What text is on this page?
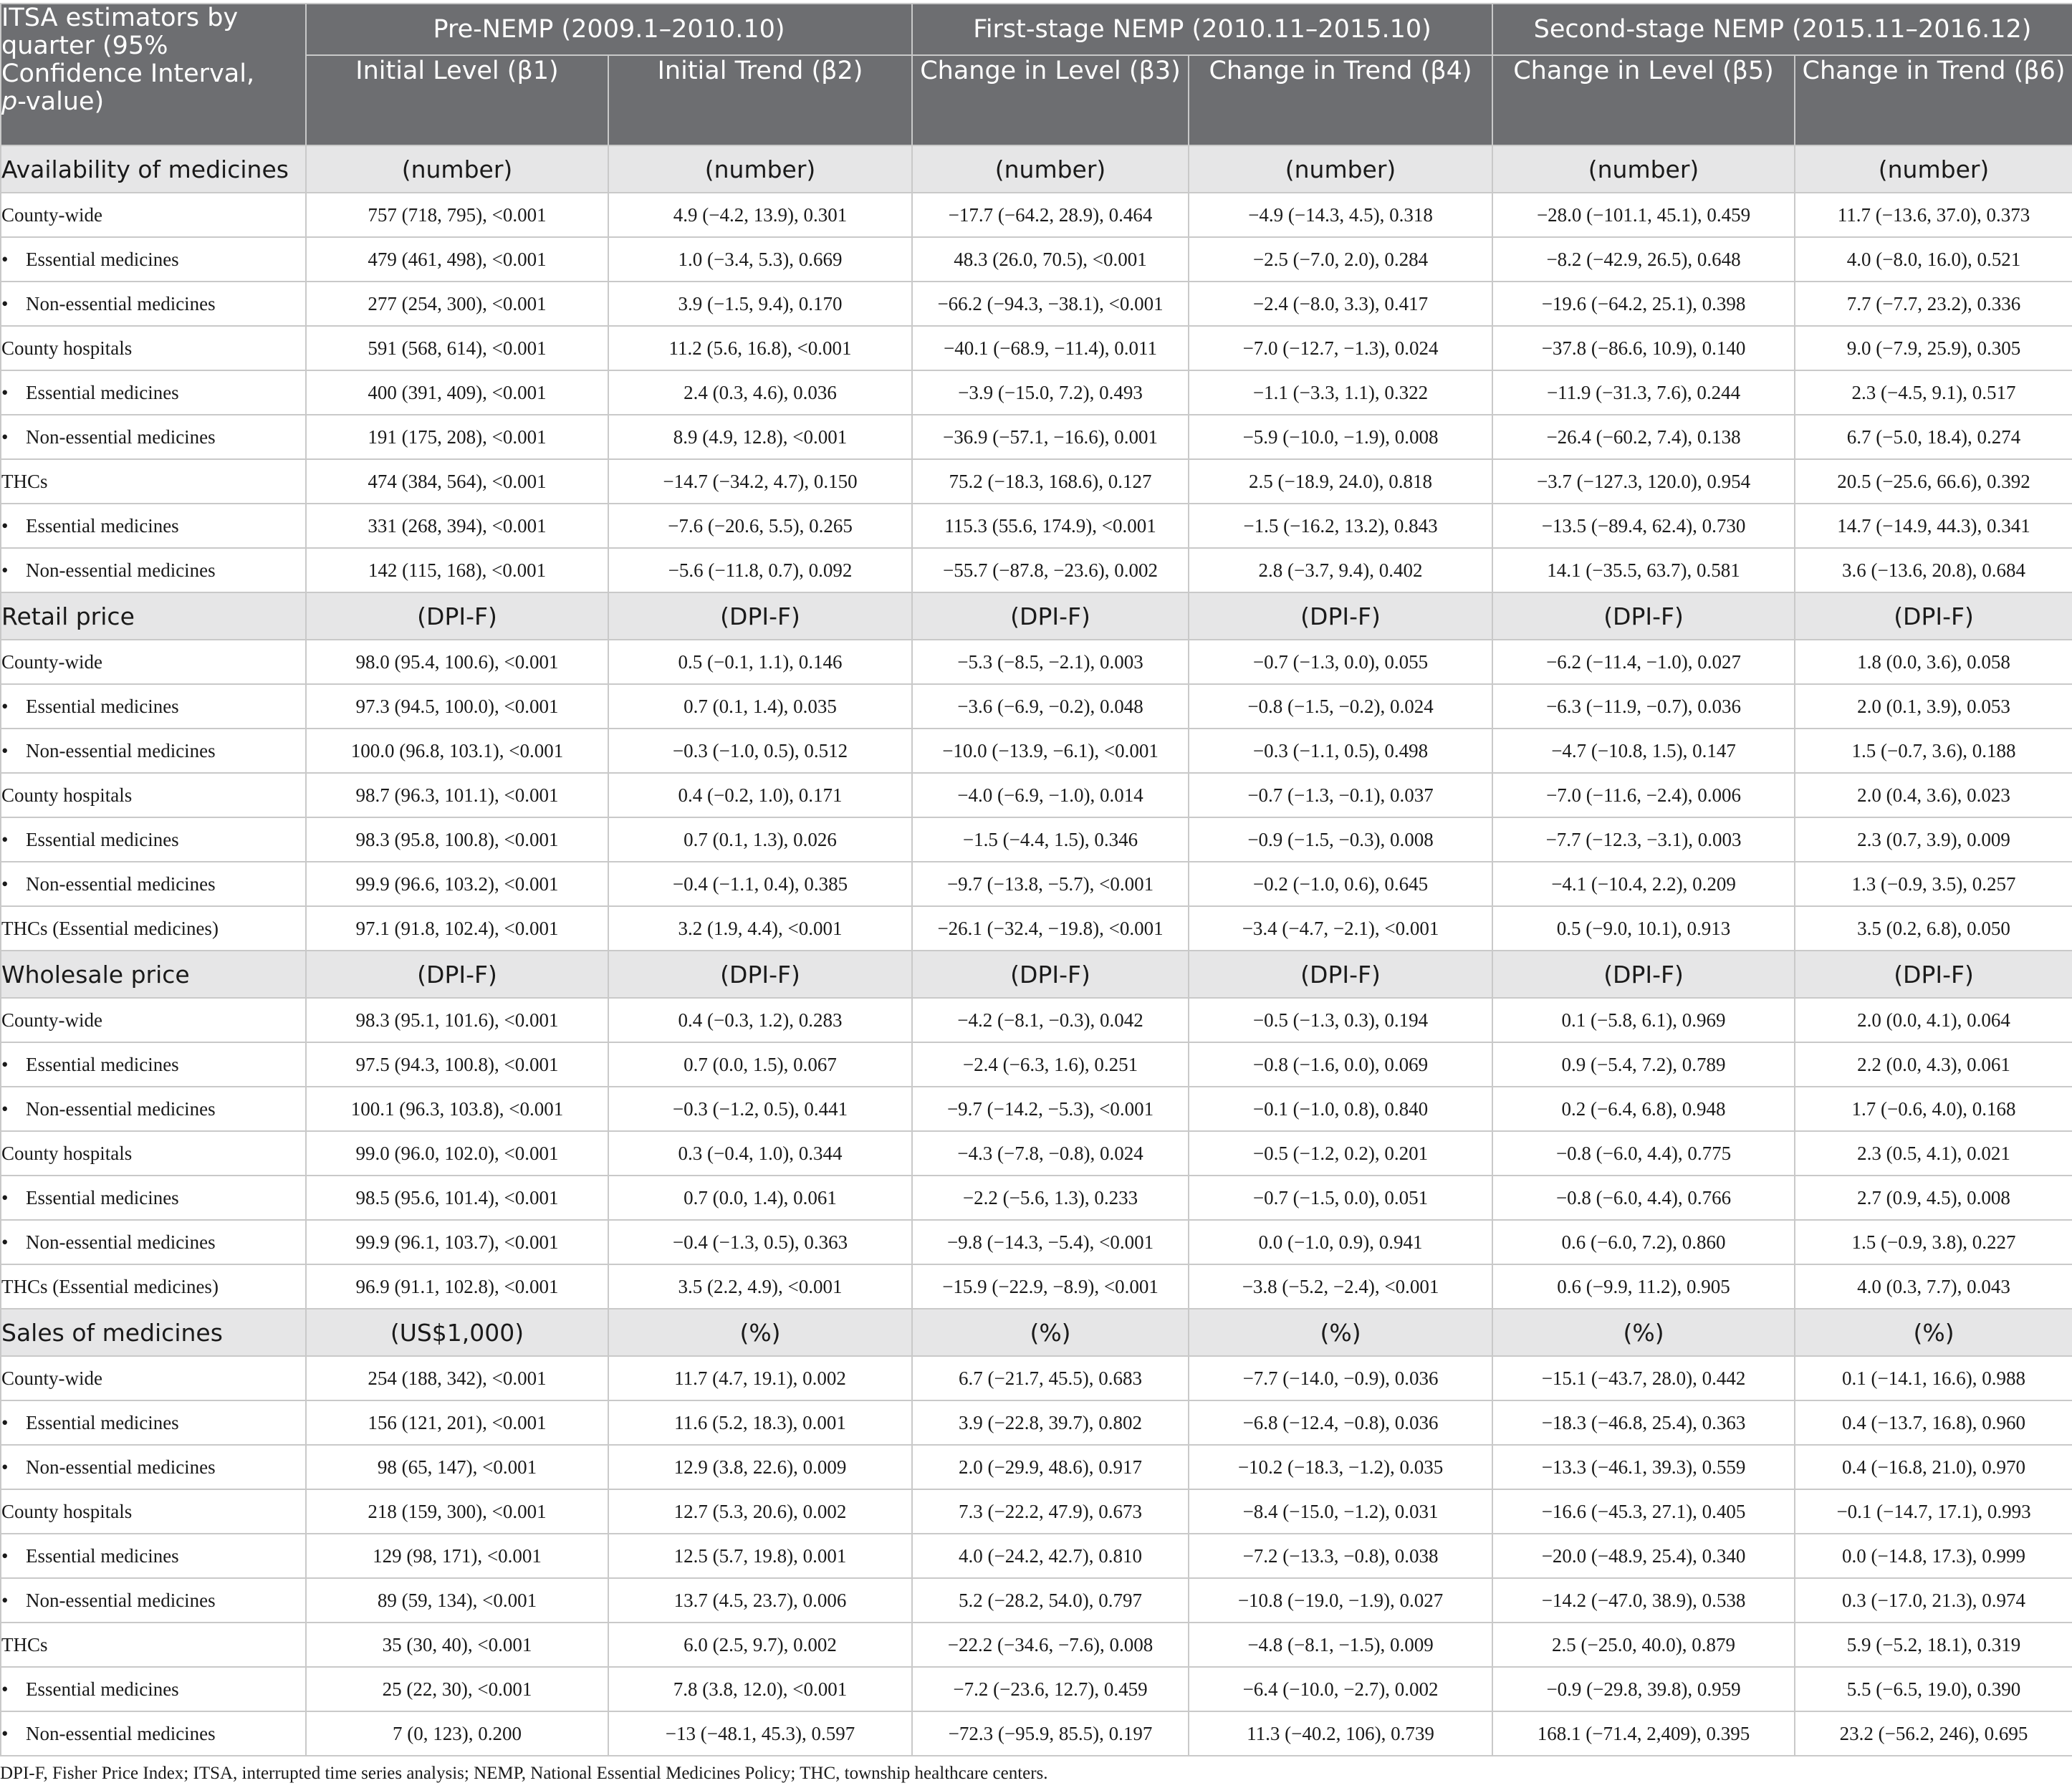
ITSA estimators by
quarter (95%
Confidence Interval,
p-value)	Pre-NEMP (2009.1–2010.10)		First-stage NEMP (2010.11–2015.10)		Second-stage NEMP (2015.11–2016.12)	
	Initial Level (β1)	Initial Trend (β2)	Change in Level (β3)	Change in Trend (β4)	Change in Level (β5)	Change in Trend (β6)
Availability of medicines	(number)	(number)	(number)	(number)	(number)	(number)
County-wide	757 (718, 795), <0.001	4.9 (−4.2, 13.9), 0.301	−17.7 (−64.2, 28.9), 0.464	−4.9 (−14.3, 4.5), 0.318	−28.0 (−101.1, 45.1), 0.459	11.7 (−13.6, 37.0), 0.373
• Essential medicines	479 (461, 498), <0.001	1.0 (−3.4, 5.3), 0.669	48.3 (26.0, 70.5), <0.001	−2.5 (−7.0, 2.0), 0.284	−8.2 (−42.9, 26.5), 0.648	4.0 (−8.0, 16.0), 0.521
• Non-essential medicines	277 (254, 300), <0.001	3.9 (−1.5, 9.4), 0.170	−66.2 (−94.3, −38.1), <0.001	−2.4 (−8.0, 3.3), 0.417	−19.6 (−64.2, 25.1), 0.398	7.7 (−7.7, 23.2), 0.336
County hospitals	591 (568, 614), <0.001	11.2 (5.6, 16.8), <0.001	−40.1 (−68.9, −11.4), 0.011	−7.0 (−12.7, −1.3), 0.024	−37.8 (−86.6, 10.9), 0.140	9.0 (−7.9, 25.9), 0.305
• Essential medicines	400 (391, 409), <0.001	2.4 (0.3, 4.6), 0.036	−3.9 (−15.0, 7.2), 0.493	−1.1 (−3.3, 1.1), 0.322	−11.9 (−31.3, 7.6), 0.244	2.3 (−4.5, 9.1), 0.517
• Non-essential medicines	191 (175, 208), <0.001	8.9 (4.9, 12.8), <0.001	−36.9 (−57.1, −16.6), 0.001	−5.9 (−10.0, −1.9), 0.008	−26.4 (−60.2, 7.4), 0.138	6.7 (−5.0, 18.4), 0.274
THCs	474 (384, 564), <0.001	−14.7 (−34.2, 4.7), 0.150	75.2 (−18.3, 168.6), 0.127	2.5 (−18.9, 24.0), 0.818	−3.7 (−127.3, 120.0), 0.954	20.5 (−25.6, 66.6), 0.392
• Essential medicines	331 (268, 394), <0.001	−7.6 (−20.6, 5.5), 0.265	115.3 (55.6, 174.9), <0.001	−1.5 (−16.2, 13.2), 0.843	−13.5 (−89.4, 62.4), 0.730	14.7 (−14.9, 44.3), 0.341
• Non-essential medicines	142 (115, 168), <0.001	−5.6 (−11.8, 0.7), 0.092	−55.7 (−87.8, −23.6), 0.002	2.8 (−3.7, 9.4), 0.402	14.1 (−35.5, 63.7), 0.581	3.6 (−13.6, 20.8), 0.684
Retail price	(DPI-F)	(DPI-F)	(DPI-F)	(DPI-F)	(DPI-F)	(DPI-F)
County-wide	98.0 (95.4, 100.6), <0.001	0.5 (−0.1, 1.1), 0.146	−5.3 (−8.5, −2.1), 0.003	−0.7 (−1.3, 0.0), 0.055	−6.2 (−11.4, −1.0), 0.027	1.8 (0.0, 3.6), 0.058
• Essential medicines	97.3 (94.5, 100.0), <0.001	0.7 (0.1, 1.4), 0.035	−3.6 (−6.9, −0.2), 0.048	−0.8 (−1.5, −0.2), 0.024	−6.3 (−11.9, −0.7), 0.036	2.0 (0.1, 3.9), 0.053
• Non-essential medicines	100.0 (96.8, 103.1), <0.001	−0.3 (−1.0, 0.5), 0.512	−10.0 (−13.9, −6.1), <0.001	−0.3 (−1.1, 0.5), 0.498	−4.7 (−10.8, 1.5), 0.147	1.5 (−0.7, 3.6), 0.188
County hospitals	98.7 (96.3, 101.1), <0.001	0.4 (−0.2, 1.0), 0.171	−4.0 (−6.9, −1.0), 0.014	−0.7 (−1.3, −0.1), 0.037	−7.0 (−11.6, −2.4), 0.006	2.0 (0.4, 3.6), 0.023
• Essential medicines	98.3 (95.8, 100.8), <0.001	0.7 (0.1, 1.3), 0.026	−1.5 (−4.4, 1.5), 0.346	−0.9 (−1.5, −0.3), 0.008	−7.7 (−12.3, −3.1), 0.003	2.3 (0.7, 3.9), 0.009
• Non-essential medicines	99.9 (96.6, 103.2), <0.001	−0.4 (−1.1, 0.4), 0.385	−9.7 (−13.8, −5.7), <0.001	−0.2 (−1.0, 0.6), 0.645	−4.1 (−10.4, 2.2), 0.209	1.3 (−0.9, 3.5), 0.257
THCs (Essential medicines)	97.1 (91.8, 102.4), <0.001	3.2 (1.9, 4.4), <0.001	−26.1 (−32.4, −19.8), <0.001	−3.4 (−4.7, −2.1), <0.001	0.5 (−9.0, 10.1), 0.913	3.5 (0.2, 6.8), 0.050
Wholesale price	(DPI-F)	(DPI-F)	(DPI-F)	(DPI-F)	(DPI-F)	(DPI-F)
County-wide	98.3 (95.1, 101.6), <0.001	0.4 (−0.3, 1.2), 0.283	−4.2 (−8.1, −0.3), 0.042	−0.5 (−1.3, 0.3), 0.194	0.1 (−5.8, 6.1), 0.969	2.0 (0.0, 4.1), 0.064
• Essential medicines	97.5 (94.3, 100.8), <0.001	0.7 (0.0, 1.5), 0.067	−2.4 (−6.3, 1.6), 0.251	−0.8 (−1.6, 0.0), 0.069	0.9 (−5.4, 7.2), 0.789	2.2 (0.0, 4.3), 0.061
• Non-essential medicines	100.1 (96.3, 103.8), <0.001	−0.3 (−1.2, 0.5), 0.441	−9.7 (−14.2, −5.3), <0.001	−0.1 (−1.0, 0.8), 0.840	0.2 (−6.4, 6.8), 0.948	1.7 (−0.6, 4.0), 0.168
County hospitals	99.0 (96.0, 102.0), <0.001	0.3 (−0.4, 1.0), 0.344	−4.3 (−7.8, −0.8), 0.024	−0.5 (−1.2, 0.2), 0.201	−0.8 (−6.0, 4.4), 0.775	2.3 (0.5, 4.1), 0.021
• Essential medicines	98.5 (95.6, 101.4), <0.001	0.7 (0.0, 1.4), 0.061	−2.2 (−5.6, 1.3), 0.233	−0.7 (−1.5, 0.0), 0.051	−0.8 (−6.0, 4.4), 0.766	2.7 (0.9, 4.5), 0.008
• Non-essential medicines	99.9 (96.1, 103.7), <0.001	−0.4 (−1.3, 0.5), 0.363	−9.8 (−14.3, −5.4), <0.001	0.0 (−1.0, 0.9), 0.941	0.6 (−6.0, 7.2), 0.860	1.5 (−0.9, 3.8), 0.227
THCs (Essential medicines)	96.9 (91.1, 102.8), <0.001	3.5 (2.2, 4.9), <0.001	−15.9 (−22.9, −8.9), <0.001	−3.8 (−5.2, −2.4), <0.001	0.6 (−9.9, 11.2), 0.905	4.0 (0.3, 7.7), 0.043
Sales of medicines	(US$1,000)	(%)	(%)	(%)	(%)	(%)
County-wide	254 (188, 342), <0.001	11.7 (4.7, 19.1), 0.002	6.7 (−21.7, 45.5), 0.683	−7.7 (−14.0, −0.9), 0.036	−15.1 (−43.7, 28.0), 0.442	0.1 (−14.1, 16.6), 0.988
• Essential medicines	156 (121, 201), <0.001	11.6 (5.2, 18.3), 0.001	3.9 (−22.8, 39.7), 0.802	−6.8 (−12.4, −0.8), 0.036	−18.3 (−46.8, 25.4), 0.363	0.4 (−13.7, 16.8), 0.960
• Non-essential medicines	98 (65, 147), <0.001	12.9 (3.8, 22.6), 0.009	2.0 (−29.9, 48.6), 0.917	−10.2 (−18.3, −1.2), 0.035	−13.3 (−46.1, 39.3), 0.559	0.4 (−16.8, 21.0), 0.970
County hospitals	218 (159, 300), <0.001	12.7 (5.3, 20.6), 0.002	7.3 (−22.2, 47.9), 0.673	−8.4 (−15.0, −1.2), 0.031	−16.6 (−45.3, 27.1), 0.405	−0.1 (−14.7, 17.1), 0.993
• Essential medicines	129 (98, 171), <0.001	12.5 (5.7, 19.8), 0.001	4.0 (−24.2, 42.7), 0.810	−7.2 (−13.3, −0.8), 0.038	−20.0 (−48.9, 25.4), 0.340	0.0 (−14.8, 17.3), 0.999
• Non-essential medicines	89 (59, 134), <0.001	13.7 (4.5, 23.7), 0.006	5.2 (−28.2, 54.0), 0.797	−10.8 (−19.0, −1.9), 0.027	−14.2 (−47.0, 38.9), 0.538	0.3 (−17.0, 21.3), 0.974
THCs	35 (30, 40), <0.001	6.0 (2.5, 9.7), 0.002	−22.2 (−34.6, −7.6), 0.008	−4.8 (−8.1, −1.5), 0.009	2.5 (−25.0, 40.0), 0.879	5.9 (−5.2, 18.1), 0.319
• Essential medicines	25 (22, 30), <0.001	7.8 (3.8, 12.0), <0.001	−7.2 (−23.6, 12.7), 0.459	−6.4 (−10.0, −2.7), 0.002	−0.9 (−29.8, 39.8), 0.959	5.5 (−6.5, 19.0), 0.390
• Non-essential medicines	7 (0, 123), 0.200	−13 (−48.1, 45.3), 0.597	−72.3 (−95.9, 85.5), 0.197	11.3 (−40.2, 106), 0.739	168.1 (−71.4, 2,409), 0.395	23.2 (−56.2, 246), 0.695
DPI-F, Fisher Price Index; ITSA, interrupted time series analysis; NEMP, National Essential Medicines Policy; THC, township healthcare centers.
